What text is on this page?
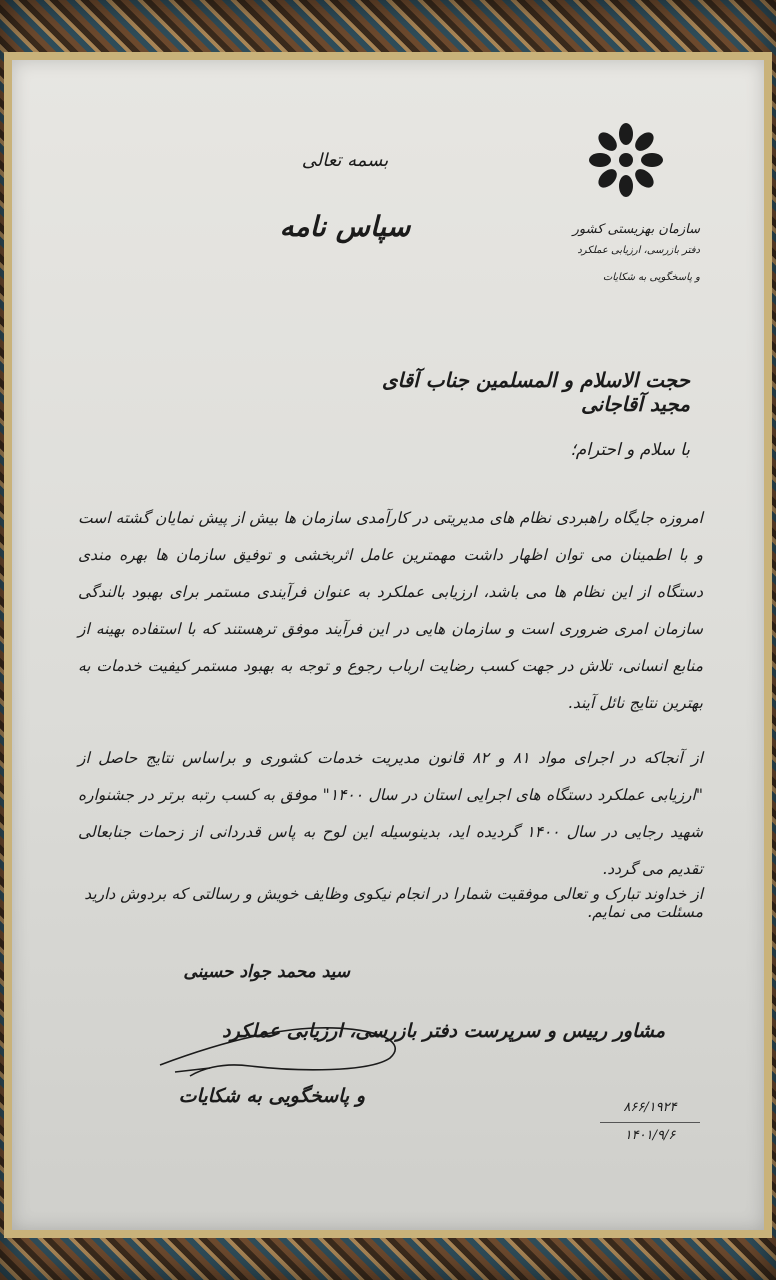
بسمه تعالی
سپاس نامه	سازمان بهزیستی کشور
دفتر بازرسی، ارزیابی عملکرد
و پاسخگویی به شکایات
حجت الاسلام و المسلمین جناب آقای مجید آقاجانی
با سلام و احترام؛
امروزه جایگاه راهبردی نظام های مدیریتی در کارآمدی سازمان ها بیش از پیش نمایان گشته است و با اطمینان می توان اظهار داشت مهمترین عامل اثربخشی و توفیق سازمان ها بهره مندی دستگاه از این نظام ها می باشد، ارزیابی عملکرد به عنوان فرآیندی مستمر برای بهبود بالندگی سازمان امری ضروری است و سازمان هایی در این فرآیند موفق ترهستند که با استفاده بهینه از منابع انسانی، تلاش در جهت کسب رضایت ارباب رجوع و توجه به بهبود مستمر کیفیت خدمات به بهترین نتایج نائل آیند.
از آنجاکه در اجرای مواد ۸۱ و ۸۲ قانون مدیریت خدمات کشوری و براساس نتایج حاصل از "ارزیابی عملکرد دستگاه های اجرایی استان در سال ۱۴۰۰" موفق به کسب رتبه برتر در جشنواره شهید رجایی در سال ۱۴۰۰ گردیده اید، بدینوسیله این لوح به پاس قدردانی از زحمات جنابعالی تقدیم می گردد.
از خداوند تبارک و تعالی موفقیت شمارا در انجام نیکوی وظایف خویش و رسالتی که بردوش دارید مسئلت می نمایم.
سید محمد جواد حسینی
مشاور رییس و سرپرست دفتر بازرسی، ارزیابی عملکرد
و پاسخگویی به شکایات
۸۶۶/۱۹۲۴
۱۴۰۱/۹/۶
